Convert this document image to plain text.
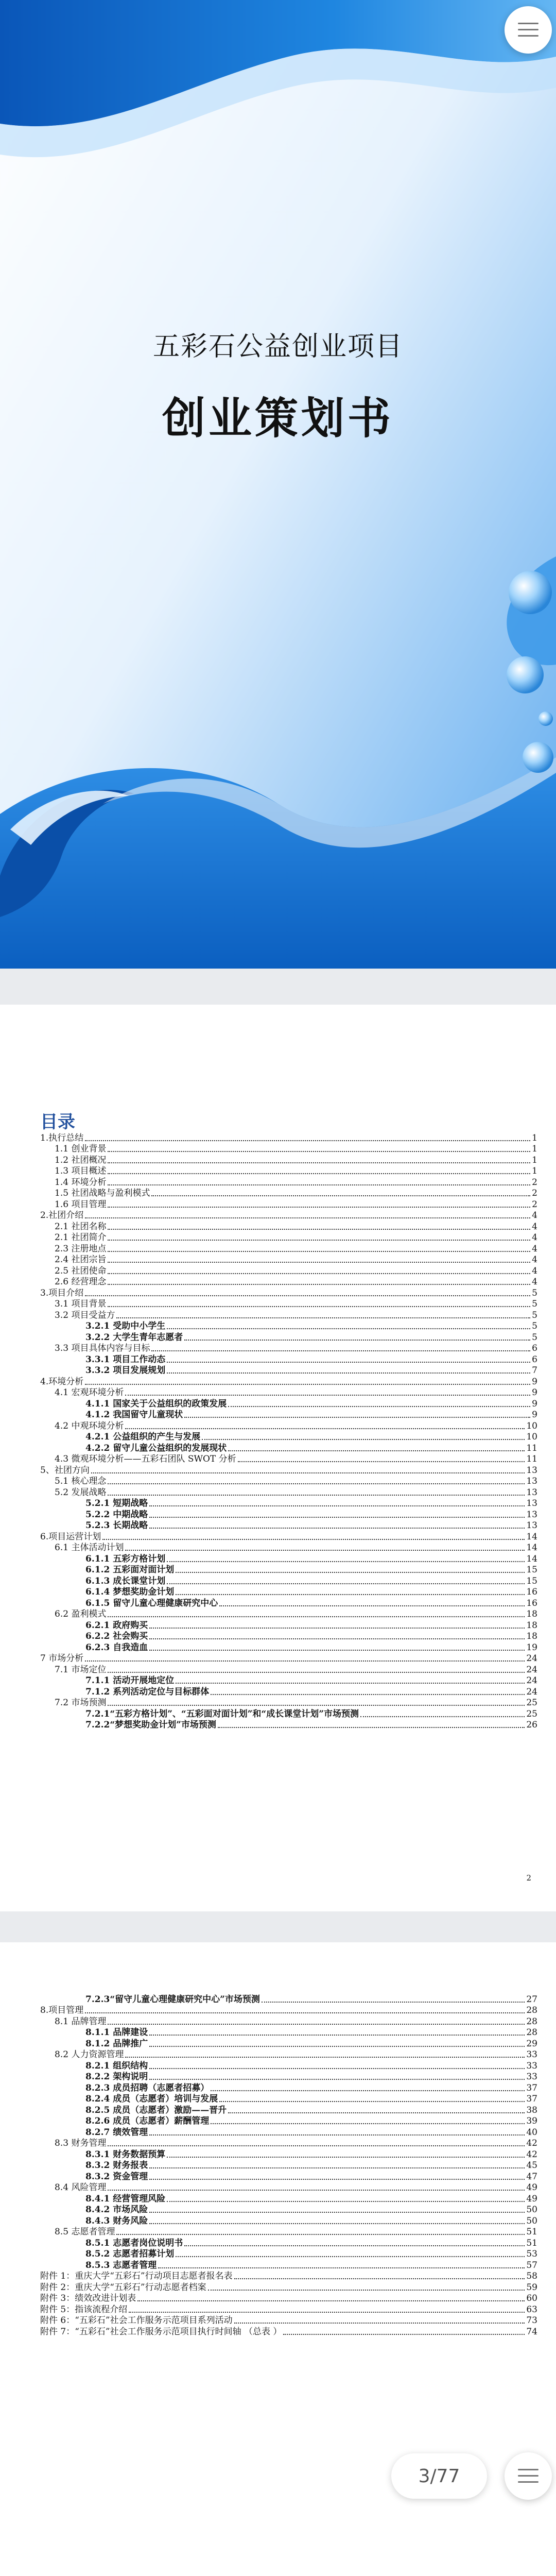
五彩石公益创业项目
创业策划书
目录
1.执行总结	1
1.1 创业背景	1
1.2 社团概况	1
1.3 项目概述	1
1.4 环境分析	2
1.5 社团战略与盈利模式	2
1.6 项目管理	2
2.社团介绍	4
2.1 社团名称	4
2.1 社团简介	4
2.3 注册地点	4
2.4 社团宗旨	4
2.5 社团使命	4
2.6 经营理念	4
3.项目介绍	5
3.1 项目背景	5
3.2 项目受益方	5
3.2.1 受助中小学生	5
3.2.2 大学生青年志愿者	5
3.3 项目具体内容与目标	6
3.3.1 项目工作动态	6
3.3.2 项目发展规划	7
4.环境分析	9
4.1 宏观环境分析	9
4.1.1 国家关于公益组织的政策发展	9
4.1.2 我国留守儿童现状	9
4.2 中观环境分析	10
4.2.1 公益组织的产生与发展	10
4.2.2 留守儿童公益组织的发展现状	11
4.3 微观环境分析——五彩石团队 SWOT 分析	11
5、社团方向	13
5.1 核心理念	13
5.2 发展战略	13
5.2.1 短期战略	13
5.2.2 中期战略	13
5.2.3 长期战略	13
6.项目运营计划	14
6.1 主体活动计划	14
6.1.1 五彩方格计划	14
6.1.2 五彩面对面计划	15
6.1.3 成长课堂计划	15
6.1.4 梦想奖助金计划	16
6.1.5 留守儿童心理健康研究中心	16
6.2 盈利模式	18
6.2.1 政府购买	18
6.2.2 社会购买	18
6.2.3 自我造血	19
7 市场分析	24
7.1 市场定位	24
7.1.1 活动开展地定位	24
7.1.2 系列活动定位与目标群体	24
7.2 市场预测	25
7.2.1“五彩方格计划”、“五彩面对面计划”和“成长课堂计划”市场预测	25
7.2.2“梦想奖助金计划”市场预测	26
2
7.2.3“留守儿童心理健康研究中心”市场预测	27
8.项目管理	28
8.1 品牌管理	28
8.1.1 品牌建设	28
8.1.2 品牌推广	29
8.2 人力资源管理	33
8.2.1 组织结构	33
8.2.2 架构说明	33
8.2.3 成员招聘（志愿者招募）	37
8.2.4 成员（志愿者）培训与发展	37
8.2.5 成员（志愿者）激励——晋升	38
8.2.6 成员（志愿者）薪酬管理	39
8.2.7 绩效管理	40
8.3 财务管理	42
8.3.1 财务数据预算	42
8.3.2 财务报表	45
8.3.2 资金管理	47
8.4 风险管理	49
8.4.1 经营管理风险	49
8.4.2 市场风险	50
8.4.3 财务风险	50
8.5 志愿者管理	51
8.5.1 志愿者岗位说明书	51
8.5.2 志愿者招募计划	53
8.5.3 志愿者管理	57
附件 1：重庆大学“五彩石”行动项目志愿者报名表	58
附件 2：重庆大学“五彩石”行动志愿者档案	59
附件 3：绩效改进计划表	60
附件 5：指该流程介绍	63
附件 6：“五彩石”社会工作服务示范项目系列活动	73
附件 7：“五彩石”社会工作服务示范项目执行时间轴 （总表 ）	74
3/77
